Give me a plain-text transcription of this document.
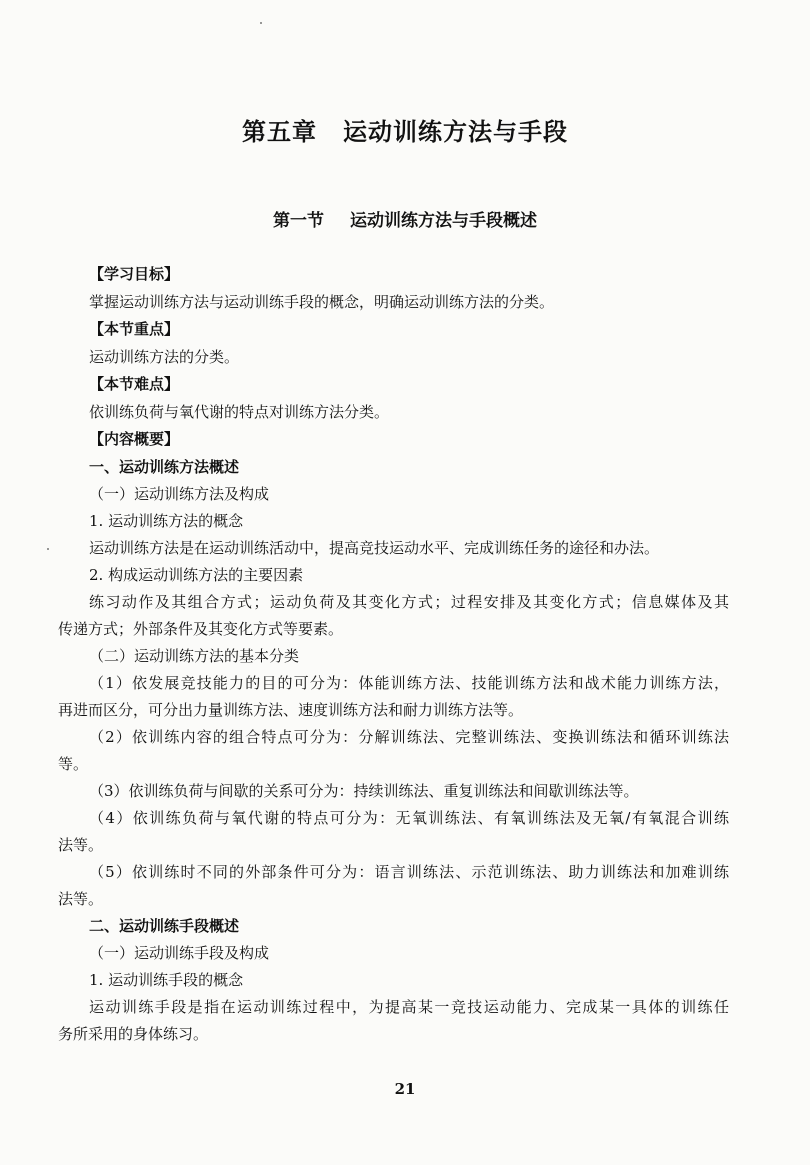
第五章 运动训练方法与手段
第一节 运动训练方法与手段概述
【学习目标】
掌握运动训练方法与运动训练手段的概念，明确运动训练方法的分类。
【本节重点】
运动训练方法的分类。
【本节难点】
依训练负荷与氧代谢的特点对训练方法分类。
【内容概要】
一、运动训练方法概述
（一）运动训练方法及构成
1. 运动训练方法的概念
运动训练方法是在运动训练活动中，提高竞技运动水平、完成训练任务的途径和办法。
2. 构成运动训练方法的主要因素
练习动作及其组合方式；运动负荷及其变化方式；过程安排及其变化方式；信息媒体及其
传递方式；外部条件及其变化方式等要素。
（二）运动训练方法的基本分类
（1）依发展竞技能力的目的可分为：体能训练方法、技能训练方法和战术能力训练方法，
再进而区分，可分出力量训练方法、速度训练方法和耐力训练方法等。
（2）依训练内容的组合特点可分为：分解训练法、完整训练法、变换训练法和循环训练法
等。
（3）依训练负荷与间歇的关系可分为：持续训练法、重复训练法和间歇训练法等。
（4）依训练负荷与氧代谢的特点可分为：无氧训练法、有氧训练法及无氧/有氧混合训练
法等。
（5）依训练时不同的外部条件可分为：语言训练法、示范训练法、助力训练法和加难训练
法等。
二、运动训练手段概述
（一）运动训练手段及构成
1. 运动训练手段的概念
运动训练手段是指在运动训练过程中，为提高某一竞技运动能力、完成某一具体的训练任
务所采用的身体练习。
21
